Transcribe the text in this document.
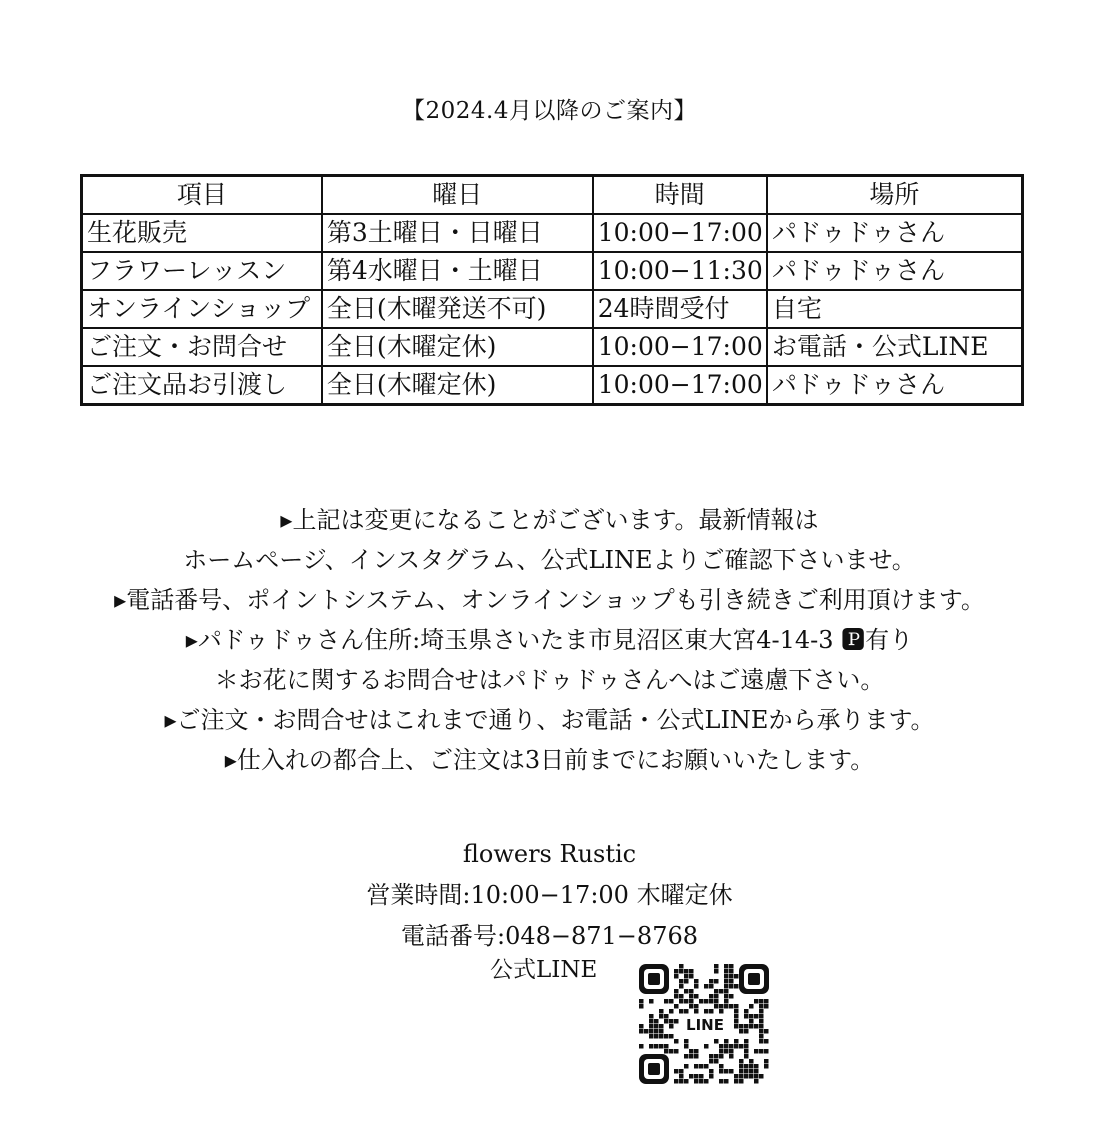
【2024.4月以降のご案内】
項目	曜日	時間	場所
生花販売	第3土曜日・日曜日	10:00−17:00	パドゥドゥさん
フラワーレッスン	第4水曜日・土曜日	10:00−11:30	パドゥドゥさん
オンラインショップ	全日(木曜発送不可)	24時間受付	自宅
ご注文・お問合せ	全日(木曜定休)	10:00−17:00	お電話・公式LINE
ご注文品お引渡し	全日(木曜定休)	10:00−17:00	パドゥドゥさん
▸上記は変更になることがございます。最新情報は
ホームページ、インスタグラム、公式LINEよりご確認下さいませ。
▸電話番号、ポイントシステム、オンラインショップも引き続きご利用頂けます。
▸パドゥドゥさん住所:埼玉県さいたま市見沼区東大宮4-14-3 🅿有り
＊お花に関するお問合せはパドゥドゥさんへはご遠慮下さい。
▸ご注文・お問合せはこれまで通り、お電話・公式LINEから承ります。
▸仕入れの都合上、ご注文は3日前までにお願いいたします。
flowers Rustic
営業時間:10:00−17:00 木曜定休
電話番号:048−871−8768
公式LINE
LINE
